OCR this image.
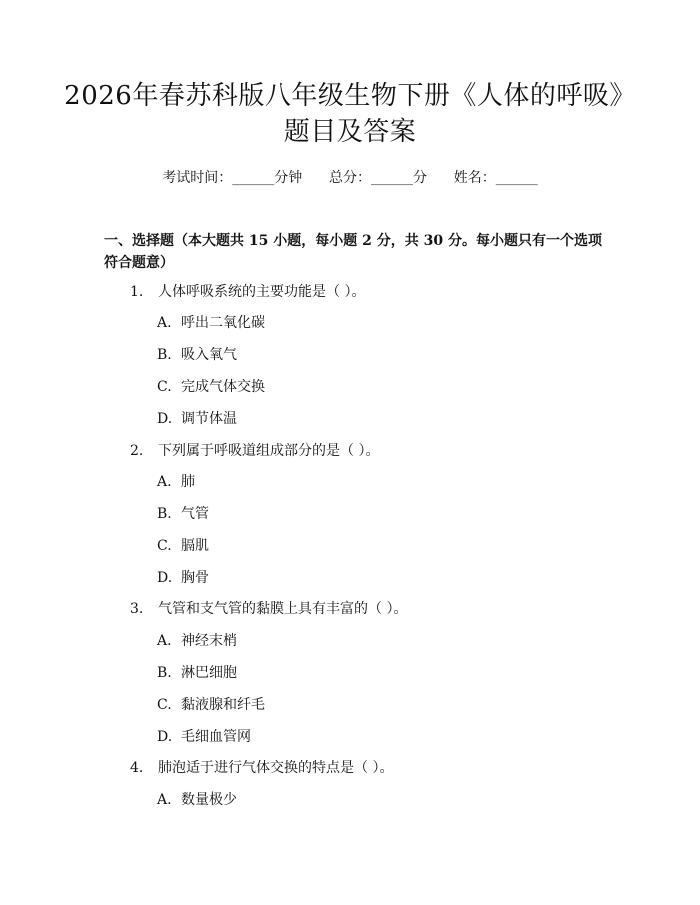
2026年春苏科版八年级生物下册《人体的呼吸》题目及答案
考试时间：______分钟      总分：______分      姓名：______
一、选择题（本大题共 15 小题，每小题 2 分，共 30 分。每小题只有一个选项符合题意）
1. 人体呼吸系统的主要功能是（ ）。
A. 呼出二氧化碳
B. 吸入氧气
C. 完成气体交换
D. 调节体温
2. 下列属于呼吸道组成部分的是（ ）。
A. 肺
B. 气管
C. 膈肌
D. 胸骨
3. 气管和支气管的黏膜上具有丰富的（ ）。
A. 神经末梢
B. 淋巴细胞
C. 黏液腺和纤毛
D. 毛细血管网
4. 肺泡适于进行气体交换的特点是（ ）。
A. 数量极少
